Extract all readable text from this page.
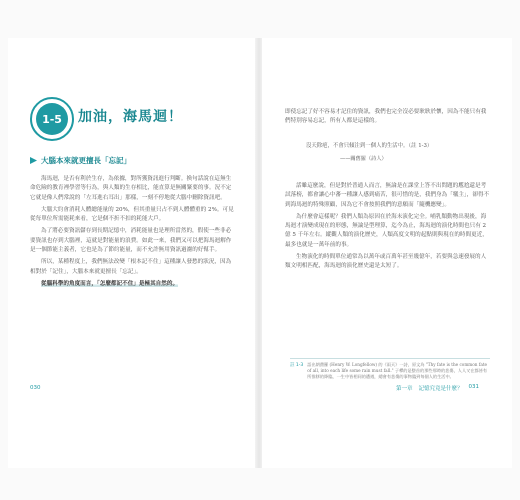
1-5	加油，海馬迴！
大腦本來就更擅長「忘記」

海馬迴，是否有利於生存，為依據，對所獲資訊進行判斷。換句話說在這無生命危險的教育裡學習等行為，與人類的生存相比，能直算是無關緊要的事。況不定它就是像人們常說的「左耳進右耳出」那樣，一刻不停地從大腦中刪除資訊吧。

大腦大約會消耗人體總能量的 20%，但其重量只占不到人體體重的 2%。可見從每單位所需能耗來看，它是個不折不扣的耗能大戶。

為了將必要資訊儲存到長期記憶中，消耗能量也是理所當然的，假使一些非必要資訊也存到大腦裡，這就是對能量的浪費。如此一來，我們又可以把海馬迴解作是一個節能主義者，它也是為了節約能量，而不允許無用資訊過濾的好幫手。

所以，某種程度上，我們無法改變「根本記不住」這種讓人發愁的狀況，因為相對於「記住」，大腦本來就更擅長「忘記」。

從腦科學的角度而言，「怎麼都記不住」是極其自然的。

即使忘記了好不容易才記住的資訊，我們也完全沒必要耿耿於懷，因為不能只有我們特別容易忘記，所有人都是這樣的。

沒天除疤，不會只傾注到一個人的生活中。（註 1-3）
——關舊羅（詩人）

話雖這麼說，但是對於普通人而言，無論是在課堂上答不出問題的尷尬還是考試落榜，都會讓心中蕃一種讓人感到痛苦，很可惜的是，我們身為「犧主」，卻得不到海馬迴的特殊照顧，因為它不會按照我們的意願而「隨機應變」。

為什麼會這樣呢？我們人類為原因在於海未演化完全。哺乳類動物出現後，海馬迴才演變成現在的形態，無論是型理算，迄今為止，海馬迴的演化時間也只有 2 億 5 千年左右。縱觀人類的演化歷史，人類高度文明的起點則與現在的時間更近，最多也就是一萬年前的事。

生物演化的時間單位通常為以萬年或百萬年甚至幾億年，若要與急速發展的人類文明相匹配，海馬迴的演化歷史還是太短了。

註 1-3 語出朗費羅 (Henry W. Longfellow) 的《雨天》一詩，原文為 "Thy fate is the common fate of all, into each life some rain must fall." 子釋的是整首的那些那時的悲傷，人人又在都皆有所推移的降臨，一生中皆相同的遭遇，總會有悲傷的事物臨到每個人的生活中。
030	第一章 記憶究竟是什麼？ 031
